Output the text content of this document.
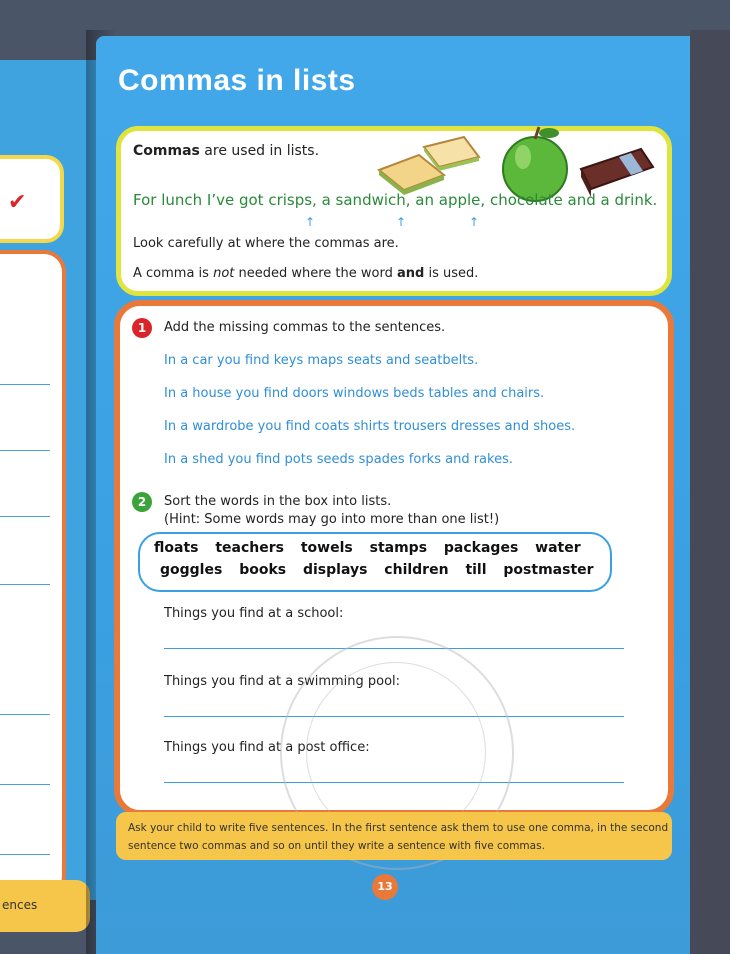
✔
ences
Commas in lists
Commas are used in lists.
For lunch I’ve got crisps, a sandwich, an apple, chocolate and a drink.
↑	↑	↑
Look carefully at where the commas are.
A comma is not needed where the word and is used.
1	Add the missing commas to the sentences.
In a car you find keys maps seats and seatbelts.
In a house you find doors windows beds tables and chairs.
In a wardrobe you find coats shirts trousers dresses and shoes.
In a shed you find pots seeds spades forks and rakes.
2	Sort the words in the box into lists.
(Hint: Some words may go into more than one list!)
floats teachers towels stamps packages water
goggles books displays children till postmaster
Things you find at a school:
Things you find at a swimming pool:
Things you find at a post office:
Ask your child to write five sentences. In the first sentence ask them to use one comma, in the second
sentence two commas and so on until they write a sentence with five commas.
13
